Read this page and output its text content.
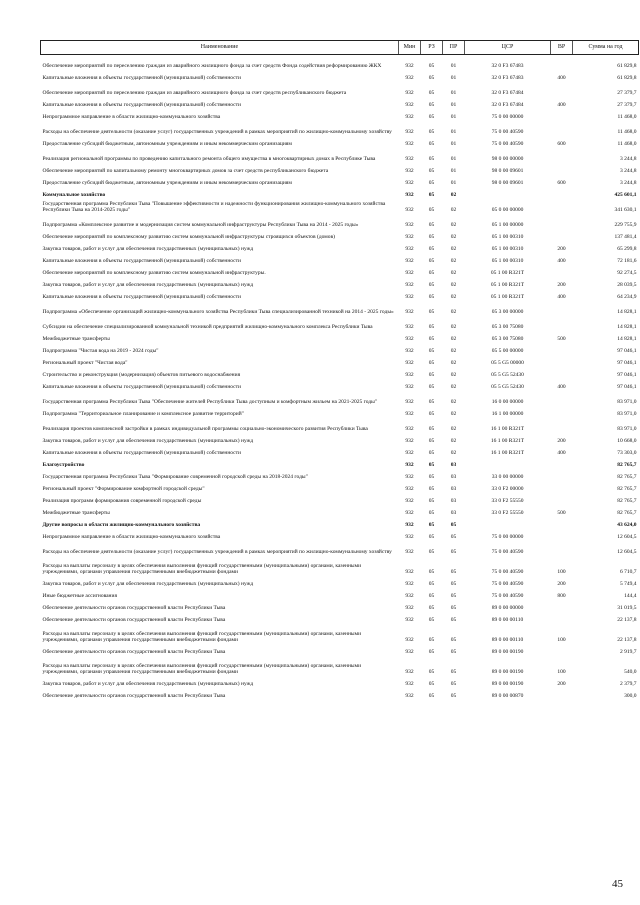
Наименование	Мин	РЗ	ПР	ЦСР	ВР	Сумма на год
Обеспечение мероприятий по переселению граждан из аварийного жилищного фонда за счет средств Фонда содействия реформированию ЖКХ	932	05	01	32 0 F3 67483		61 829,8
Капитальные вложения в объекты государственной (муниципальной) собственности	932	05	01	32 0 F3 67483	400	61 829,8
Обеспечение мероприятий по переселению граждан из аварийного жилищного фонда за счет средств республиканского бюджета	932	05	01	32 0 F3 67484		27 379,7
Капитальные вложения в объекты государственной (муниципальной) собственности	932	05	01	32 0 F3 67484	400	27 379,7
Непрограммное направление в области жилищно-коммунального хозяйства	932	05	01	75 0 00 00000		11 468,0
Расходы на обеспечение деятельности (оказание услуг) государственных учреждений в рамках мероприятий по жилищно-коммунальному хозяйству	932	05	01	75 0 00 40590		11 468,0
Предоставление субсидий бюджетным, автономным учреждениям и иным некоммерческим организациям	932	05	01	75 0 00 40590	600	11 468,0
Реализация региональной программы по проведению капитального ремонта общего имущества в многоквартирных домах в Республике Тыва	932	05	01	98 0 00 00000		3 244,8
Обеспечение мероприятий по капитальному ремонту многоквартирных домов за счет средств республиканского бюджета	932	05	01	98 0 00 09601		3 244,8
Предоставление субсидий бюджетным, автономным учреждениям и иным некоммерческим организациям	932	05	01	98 0 00 09601	600	3 244,8
Коммунальное хозяйство	932	05	02			425 601,1
Государственная программа Республики Тыва "Повышение эффективности и надежности функционирования жилищно-коммунального хозяйства Республики Тыва на 2014-2025 годы"	932	05	02	05 0 00 00000		341 630,1
Подпрограмма «Комплексное развитие и модернизация систем коммунальной инфраструктуры Республики Тыва на 2014 - 2025 годы»	932	05	02	05 1 00 00000		229 755,9
Обеспечение мероприятий по комплексному развитию систем коммунальной инфраструктуры строящихся объектов (домов)	932	05	02	05 1 00 00310		137 481,4
Закупка товаров, работ и услуг для обеспечения государственных (муниципальных) нужд	932	05	02	05 1 00 00310	200	65 299,8
Капитальные вложения в объекты государственной (муниципальной) собственности	932	05	02	05 1 00 00310	400	72 181,6
Обеспечение мероприятий по комплексному развитию систем коммунальной инфраструктуры.	932	05	02	05 1 00 R321Т		92 274,5
Закупка товаров, работ и услуг для обеспечения государственных (муниципальных) нужд	932	05	02	05 1 00 R321Т	200	28 039,5
Капитальные вложения в объекты государственной (муниципальной) собственности	932	05	02	05 1 00 R321Т	400	64 234,9
Подпрограмма «Обеспечение организаций жилищно-коммунального хозяйства Республики Тыва специализированной техникой на 2014 - 2025 годы»	932	05	02	05 3 00 00000		14 828,1
Субсидии на обеспечение специализированной коммунальной техникой предприятий жилищно-коммунального комплекса Республики Тыва	932	05	02	05 3 00 75080		14 828,1
Межбюджетные трансферты	932	05	02	05 3 00 75080	500	14 828,1
Подпрограмма "Чистая вода на 2019 - 2024 годы"	932	05	02	05 5 00 00000		97 046,1
Региональный проект "Чистая вода"	932	05	02	05 5 G5 00000		97 046,1
Строительство и реконструкция (модернизация) объектов питьевого водоснабжения	932	05	02	05 5 G5 52430		97 046,1
Капитальные вложения в объекты государственной (муниципальной) собственности	932	05	02	05 5 G5 52430	400	97 046,1
Государственная программа Республики Тыва "Обеспечение жителей Республики Тыва доступным и комфортным жильем на 2021-2025 годы"	932	05	02	16 0 00 00000		83 971,0
Подпрограмма "Территориальное планирование и комплексное развитие территорий"	932	05	02	16 1 00 00000		83 971,0
Реализация проектов комплексной застройки в рамках индивидуальной программы социально-экономического развития Республики Тыва	932	05	02	16 1 00 R321Т		83 971,0
Закупка товаров, работ и услуг для обеспечения государственных (муниципальных) нужд	932	05	02	16 1 00 R321Т	200	10 668,0
Капитальные вложения в объекты государственной (муниципальной) собственности	932	05	02	16 1 00 R321Т	400	73 303,0
Благоустройство	932	05	03			82 765,7
Государственная программа Республики Тыва "Формирование современной городской среды на 2018-2024 годы"	932	05	03	33 0 00 00000		82 765,7
Региональный проект "Формирование комфортной городской среды"	932	05	03	33 0 F2 00000		82 765,7
Реализация программ формирования современной городской среды	932	05	03	33 0 F2 55550		82 765,7
Межбюджетные трансферты	932	05	03	33 0 F2 55550	500	82 765,7
Другие вопросы в области жилищно-коммунального хозяйства	932	05	05			43 624,0
Непрограммное направление в области жилищно-коммунального хозяйства	932	05	05	75 0 00 00000		12 604,5
Расходы на обеспечение деятельности (оказание услуг) государственных учреждений в рамках мероприятий по жилищно-коммунальному хозяйству	932	05	05	75 0 00 40590		12 604,5
Расходы на выплаты персоналу в целях обеспечения выполнения функций государственными (муниципальными) органами, казенными учреждениями, органами управления государственными внебюджетными фондами	932	05	05	75 0 00 40590	100	6 710,7
Закупка товаров, работ и услуг для обеспечения государственных (муниципальных) нужд	932	05	05	75 0 00 40590	200	5 749,4
Иные бюджетные ассигнования	932	05	05	75 0 00 40590	800	144,4
Обеспечение деятельности органов государственной власти Республики Тыва	932	05	05	89 0 00 00000		31 019,5
Обеспечение деятельности органов государственной власти Республики Тыва	932	05	05	89 0 00 00110		22 137,8
Расходы на выплаты персоналу в целях обеспечения выполнения функций государственными (муниципальными) органами, казенными учреждениями, органами управления государственными внебюджетными фондами	932	05	05	89 0 00 00110	100	22 137,8
Обеспечение деятельности органов государственной власти Республики Тыва	932	05	05	89 0 00 00190		2 919,7
Расходы на выплаты персоналу в целях обеспечения выполнения функций государственными (муниципальными) органами, казенными учреждениями, органами управления государственными внебюджетными фондами	932	05	05	89 0 00 00190	100	540,0
Закупка товаров, работ и услуг для обеспечения государственных (муниципальных) нужд	932	05	05	89 0 00 00190	200	2 379,7
Обеспечение деятельности органов государственной власти Республики Тыва	932	05	05	89 0 00 00870		300,0
45
